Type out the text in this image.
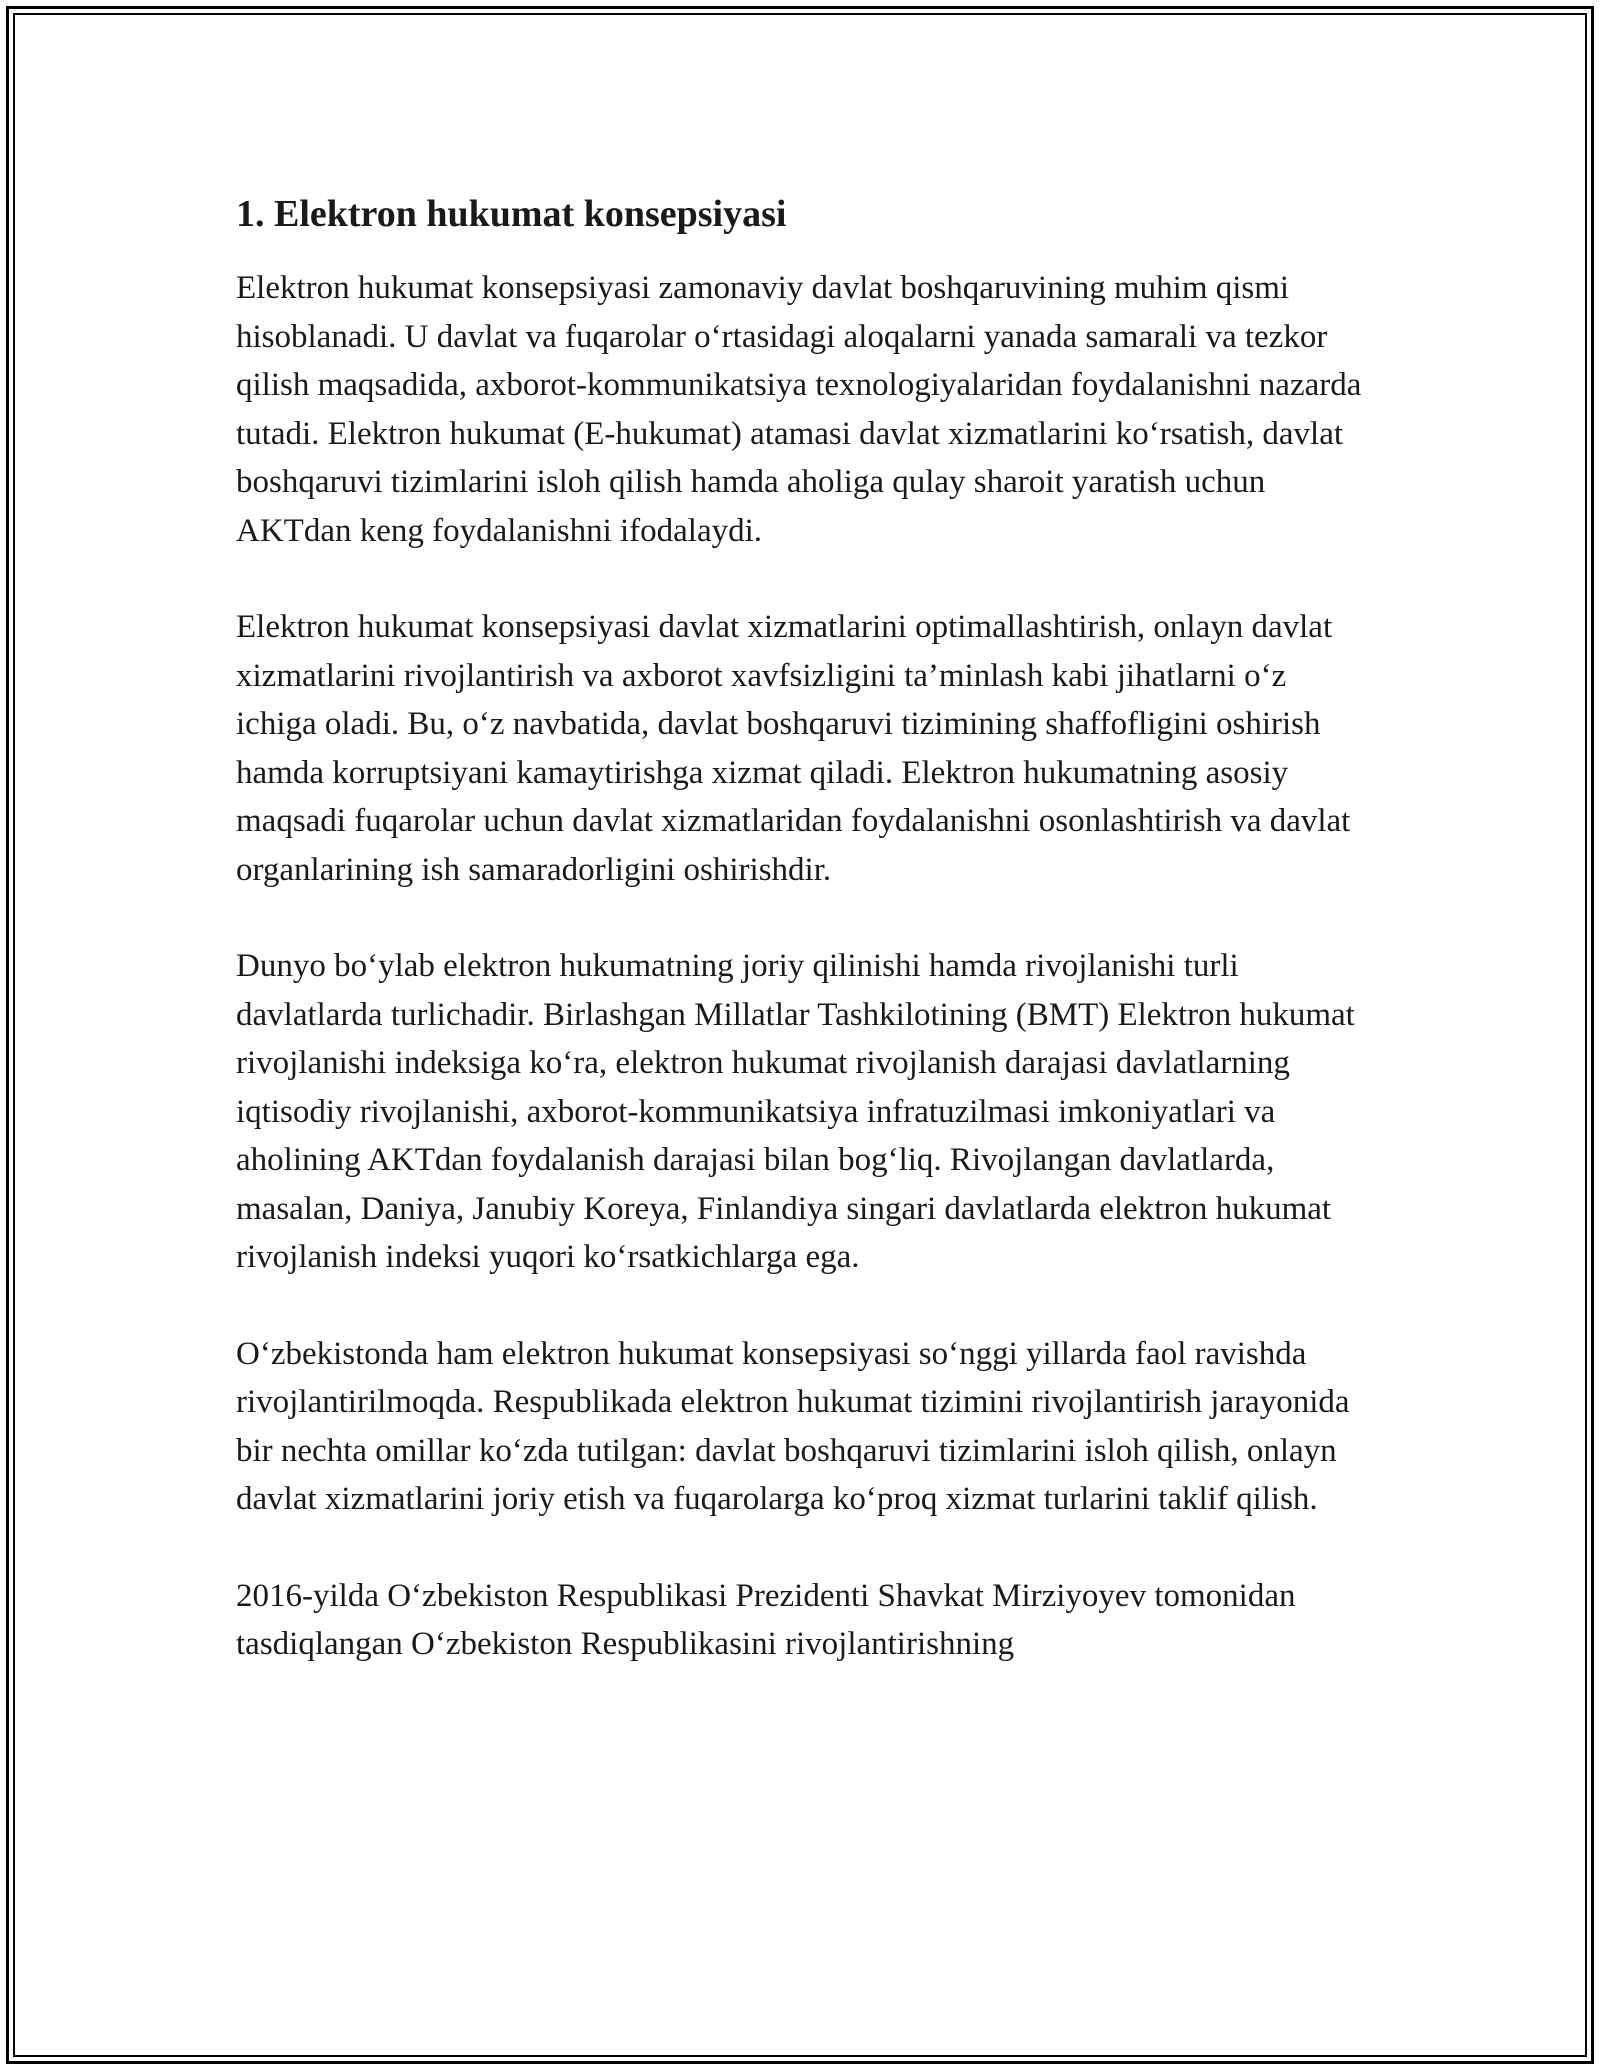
1. Elektron hukumat konsepsiyasi

Elektron hukumat konsepsiyasi zamonaviy davlat boshqaruvining muhim qismi hisoblanadi. U davlat va fuqarolar o‘rtasidagi aloqalarni yanada samarali va tezkor qilish maqsadida, axborot-kommunikatsiya texnologiyalaridan foydalanishni nazarda tutadi. Elektron hukumat (E-hukumat) atamasi davlat xizmatlarini ko‘rsatish, davlat boshqaruvi tizimlarini isloh qilish hamda aholiga qulay sharoit yaratish uchun AKTdan keng foydalanishni ifodalaydi.

Elektron hukumat konsepsiyasi davlat xizmatlarini optimallashtirish, onlayn davlat xizmatlarini rivojlantirish va axborot xavfsizligini ta’minlash kabi jihatlarni o‘z ichiga oladi. Bu, o‘z navbatida, davlat boshqaruvi tizimining shaffofligini oshirish hamda korruptsiyani kamaytirishga xizmat qiladi. Elektron hukumatning asosiy maqsadi fuqarolar uchun davlat xizmatlaridan foydalanishni osonlashtirish va davlat organlarining ish samaradorligini oshirishdir.

Dunyo bo‘ylab elektron hukumatning joriy qilinishi hamda rivojlanishi turli davlatlarda turlichadir. Birlashgan Millatlar Tashkilotining (BMT) Elektron hukumat rivojlanishi indeksiga ko‘ra, elektron hukumat rivojlanish darajasi davlatlarning iqtisodiy rivojlanishi, axborot-kommunikatsiya infratuzilmasi imkoniyatlari va aholining AKTdan foydalanish darajasi bilan bog‘liq. Rivojlangan davlatlarda, masalan, Daniya, Janubiy Koreya, Finlandiya singari davlatlarda elektron hukumat rivojlanish indeksi yuqori ko‘rsatkichlarga ega.

O‘zbekistonda ham elektron hukumat konsepsiyasi so‘nggi yillarda faol ravishda rivojlantirilmoqda. Respublikada elektron hukumat tizimini rivojlantirish jarayonida bir nechta omillar ko‘zda tutilgan: davlat boshqaruvi tizimlarini isloh qilish, onlayn davlat xizmatlarini joriy etish va fuqarolarga ko‘proq xizmat turlarini taklif qilish.

2016-yilda O‘zbekiston Respublikasi Prezidenti Shavkat Mirziyoyev tomonidan tasdiqlangan O‘zbekiston Respublikasini rivojlantirishning
